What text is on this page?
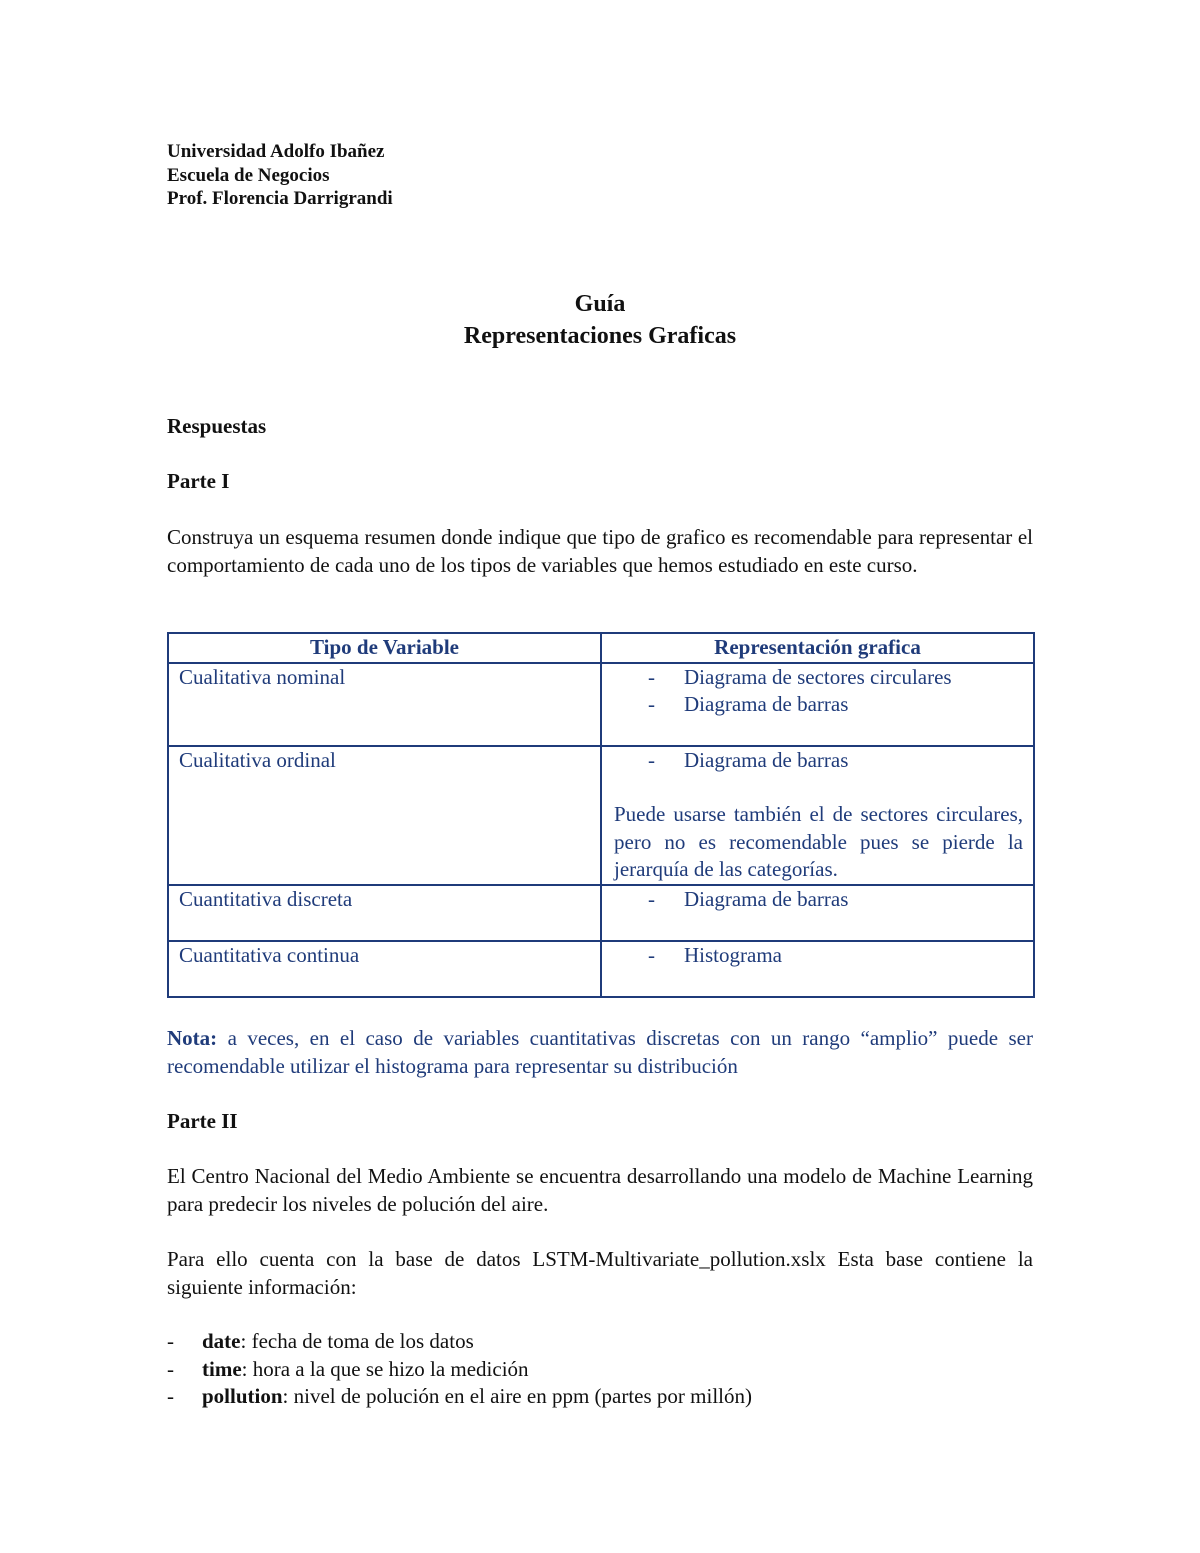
Universidad Adolfo Ibañez
Escuela de Negocios
Prof. Florencia Darrigrandi
Guía
Representaciones Graficas
Respuestas
Parte I
Construya un esquema resumen donde indique que tipo de grafico es recomendable para representar el comportamiento de cada uno de los tipos de variables que hemos estudiado en este curso.
Tipo de Variable	Representación grafica
Cualitativa nominal	- Diagrama de sectores circulares
- Diagrama de barras

Cualitativa ordinal	- Diagrama de barras
Puede usarse también el de sectores circulares, pero no es recomendable pues se pierde la jerarquía de las categorías.

Cuantitativa discreta	- Diagrama de barras

Cuantitativa continua	- Histograma
Nota: a veces, en el caso de variables cuantitativas discretas con un rango “amplio” puede ser recomendable utilizar el histograma para representar su distribución
Parte II
El Centro Nacional del Medio Ambiente se encuentra desarrollando una modelo de Machine Learning para predecir los niveles de polución del aire.
Para ello cuenta con la base de datos LSTM-Multivariate_pollution.xslx Esta base contiene la siguiente información:
- date: fecha de toma de los datos
- time: hora a la que se hizo la medición
- pollution: nivel de polución en el aire en ppm (partes por millón)
